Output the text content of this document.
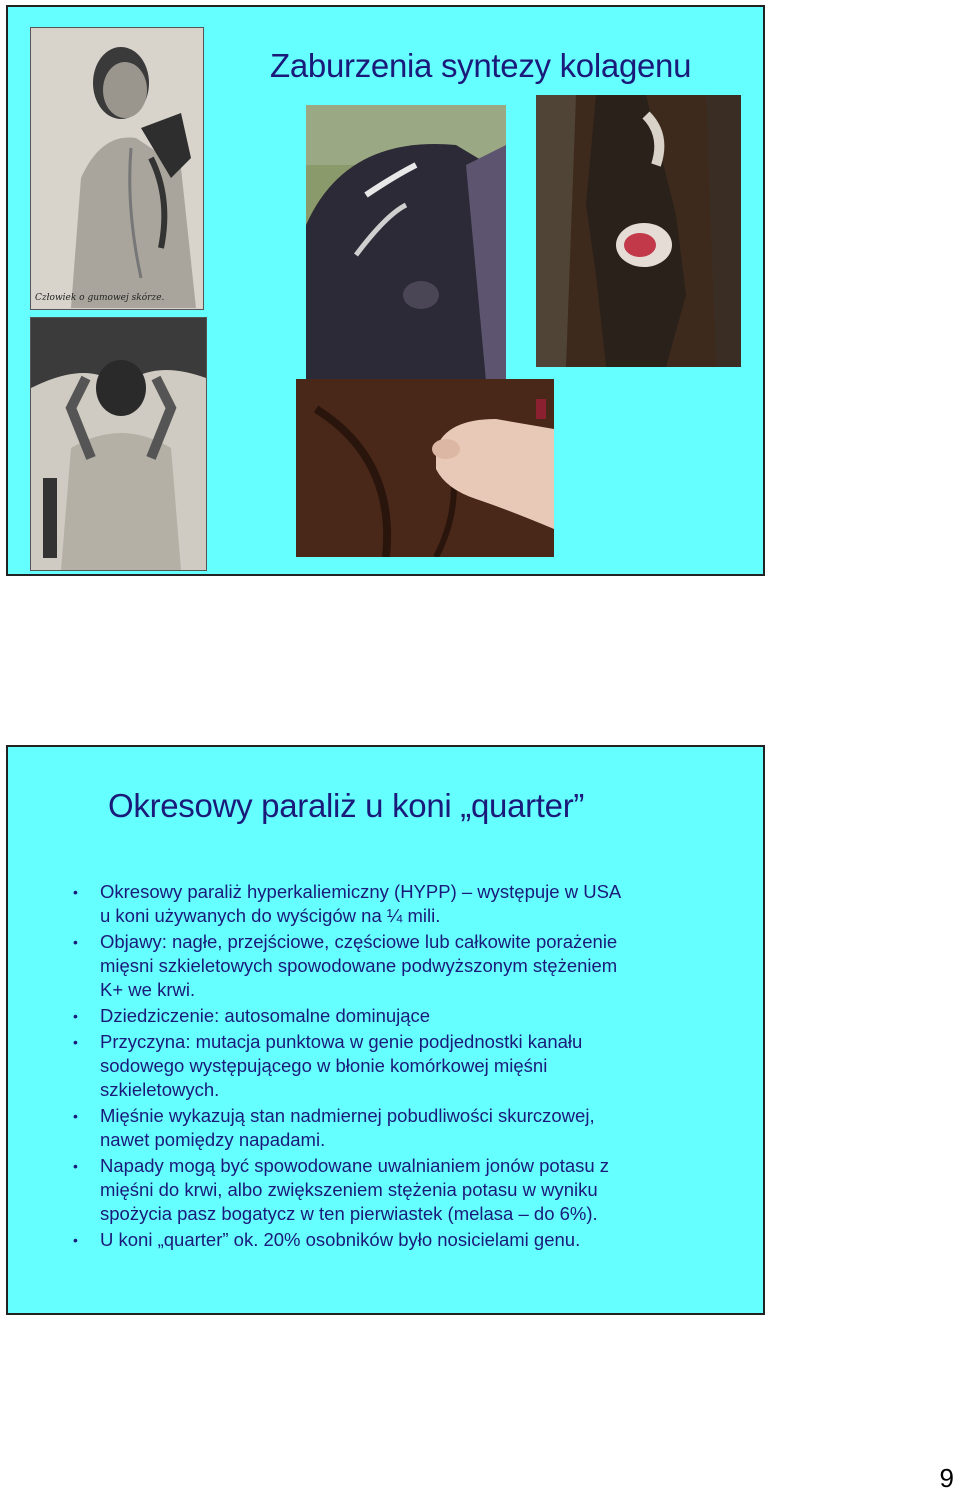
Zaburzenia syntezy kolagenu
Człowiek o gumowej skórze.
Okresowy paraliż u koni „quarter”
• Okresowy paraliż hyperkaliemiczny (HYPP) – występuje w USA
u koni używanych do wyścigów na ¼ mili.
• Objawy: nagłe, przejściowe, częściowe lub całkowite porażenie
mięsni szkieletowych spowodowane podwyższonym stężeniem
K+ we krwi.
• Dziedziczenie: autosomalne dominujące
• Przyczyna: mutacja punktowa w genie podjednostki kanału
sodowego występującego w błonie komórkowej mięśni
szkieletowych.
• Mięśnie wykazują stan nadmiernej pobudliwości skurczowej,
nawet pomiędzy napadami.
• Napady mogą być spowodowane uwalnianiem jonów potasu z
mięśni do krwi, albo zwiększeniem stężenia potasu w wyniku
spożycia pasz bogatycz w ten pierwiastek (melasa – do 6%).
• U koni „quarter” ok. 20% osobników było nosicielami genu.
9
